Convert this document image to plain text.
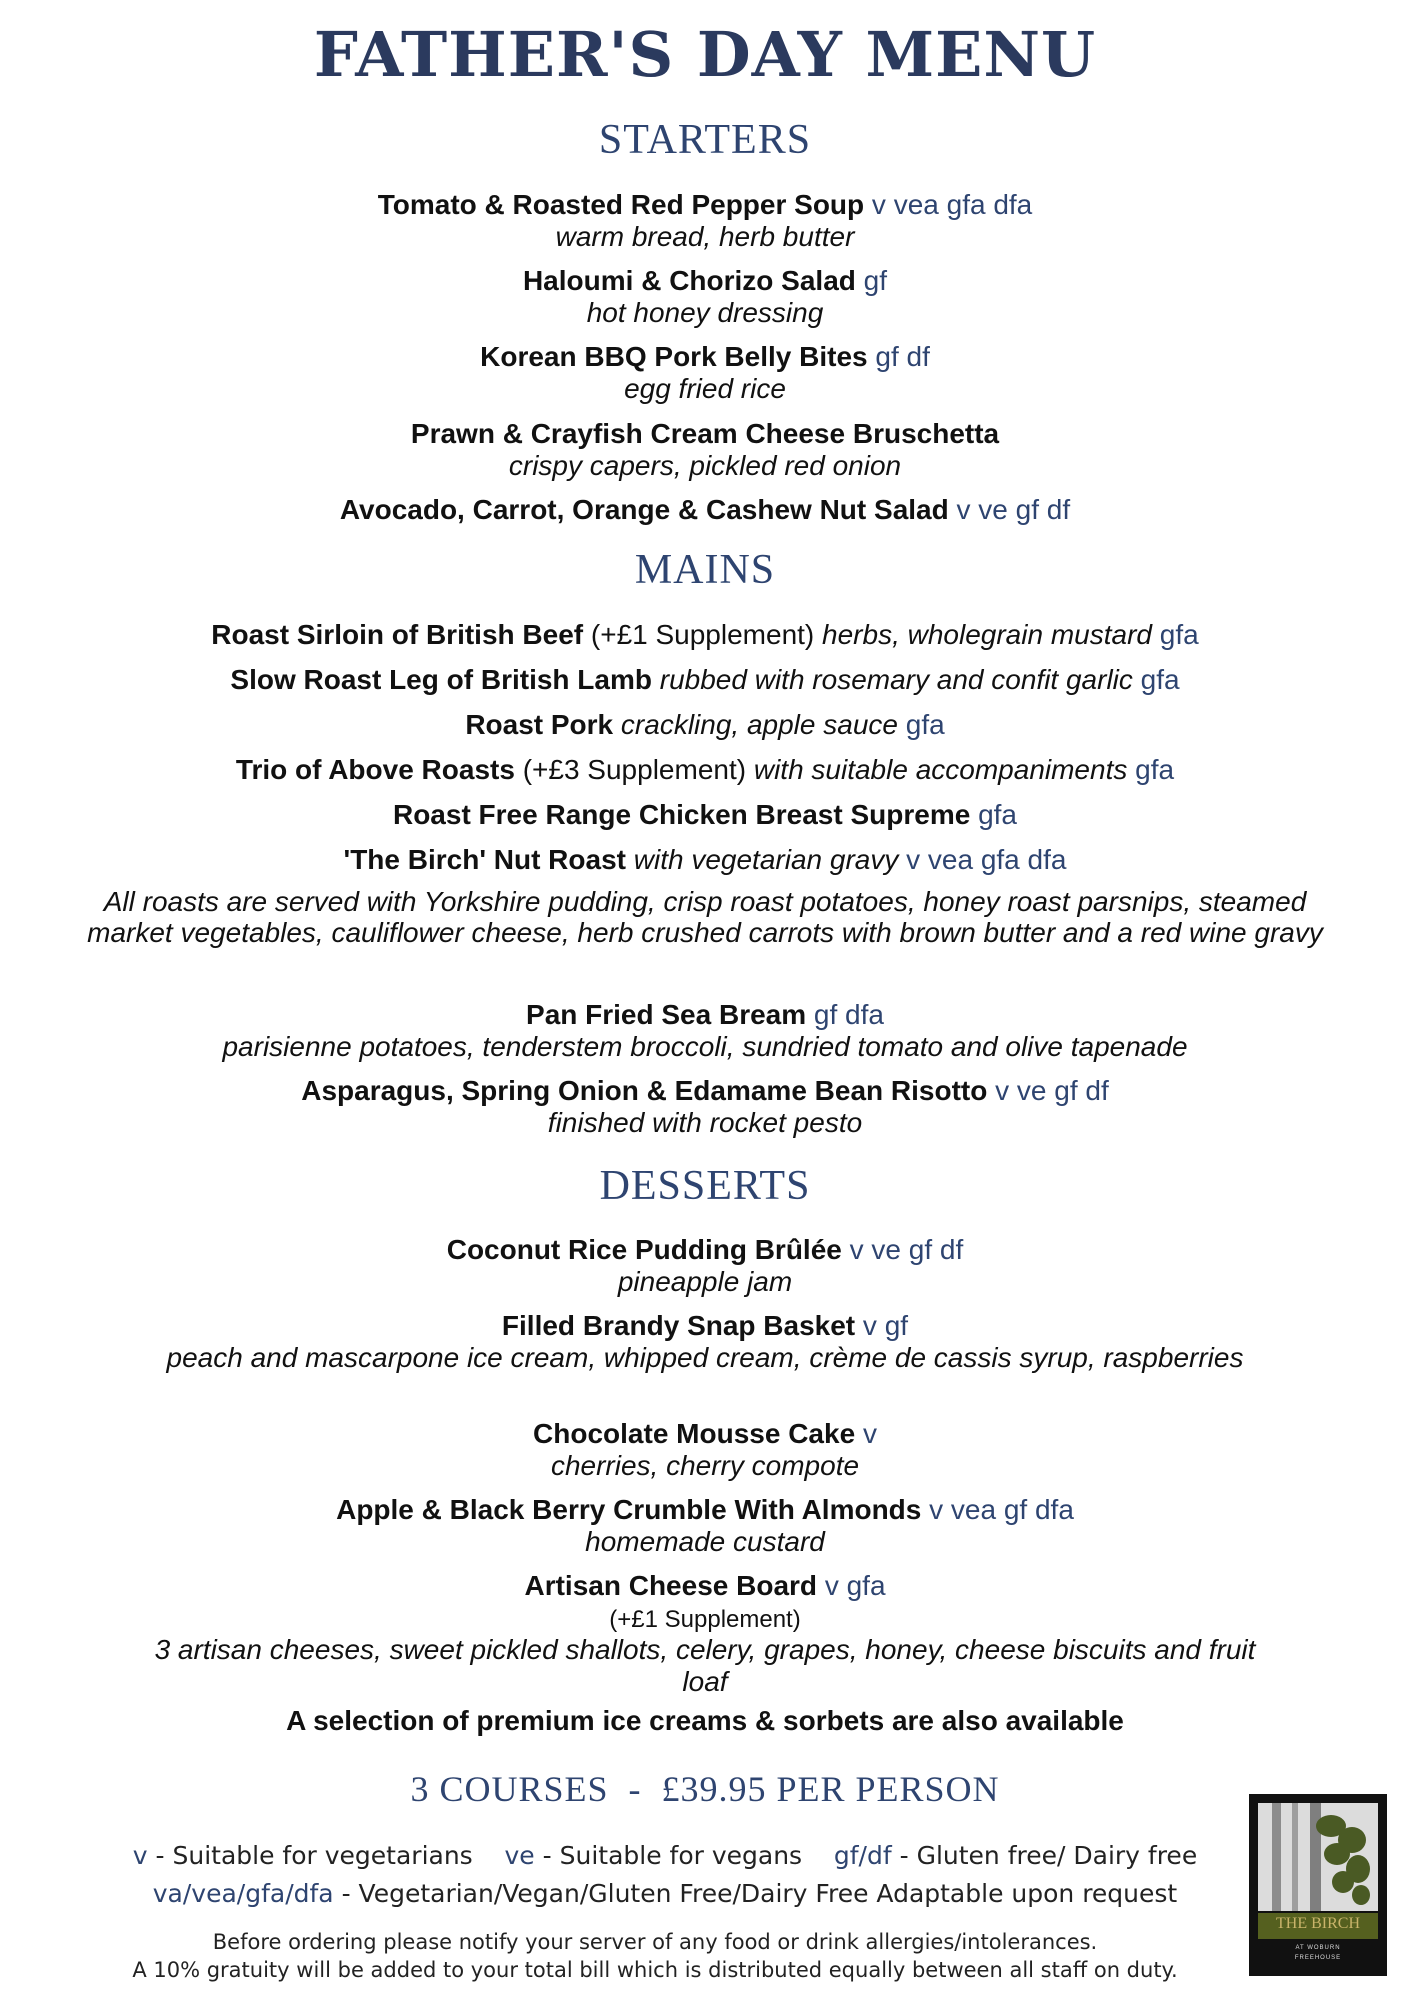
FATHER'S DAY MENU
STARTERS

Tomato & Roasted Red Pepper Soup v vea gfa dfa
warm bread, herb butter

Haloumi & Chorizo Salad gf
hot honey dressing

Korean BBQ Pork Belly Bites gf df
egg fried rice

Prawn & Crayfish Cream Cheese Bruschetta
crispy capers, pickled red onion

Avocado, Carrot, Orange & Cashew Nut Salad v ve gf df

MAINS

Roast Sirloin of British Beef (+£1 Supplement) herbs, wholegrain mustard gfa

Slow Roast Leg of British Lamb rubbed with rosemary and confit garlic gfa

Roast Pork crackling, apple sauce gfa

Trio of Above Roasts (+£3 Supplement) with suitable accompaniments gfa

Roast Free Range Chicken Breast Supreme gfa

'The Birch' Nut Roast with vegetarian gravy v vea gfa dfa

All roasts are served with Yorkshire pudding, crisp roast potatoes, honey roast parsnips, steamed market vegetables, cauliflower cheese, herb crushed carrots with brown butter and a red wine gravy

Pan Fried Sea Bream gf dfa
parisienne potatoes, tenderstem broccoli, sundried tomato and olive tapenade

Asparagus, Spring Onion & Edamame Bean Risotto v ve gf df
finished with rocket pesto

DESSERTS

Coconut Rice Pudding Brûlée v ve gf df
pineapple jam

Filled Brandy Snap Basket v gf
peach and mascarpone ice cream, whipped cream, crème de cassis syrup, raspberries

Chocolate Mousse Cake v
cherries, cherry compote

Apple & Black Berry Crumble With Almonds v vea gf dfa
homemade custard

Artisan Cheese Board v gfa
(+£1 Supplement)
3 artisan cheeses, sweet pickled shallots, celery, grapes, honey, cheese biscuits and fruit loaf

A selection of premium ice creams & sorbets are also available

3 COURSES  -  £39.95 PER PERSON

v - Suitable for vegetarians ve - Suitable for vegans gf/df - Gluten free/ Dairy free

va/vea/gfa/dfa - Vegetarian/Vegan/Gluten Free/Dairy Free Adaptable upon request

Before ordering please notify your server of any food or drink allergies/intolerances.

A 10% gratuity will be added to your total bill which is distributed equally between all staff on duty.

THE BIRCH
AT WOBURN
FREEHOUSE
